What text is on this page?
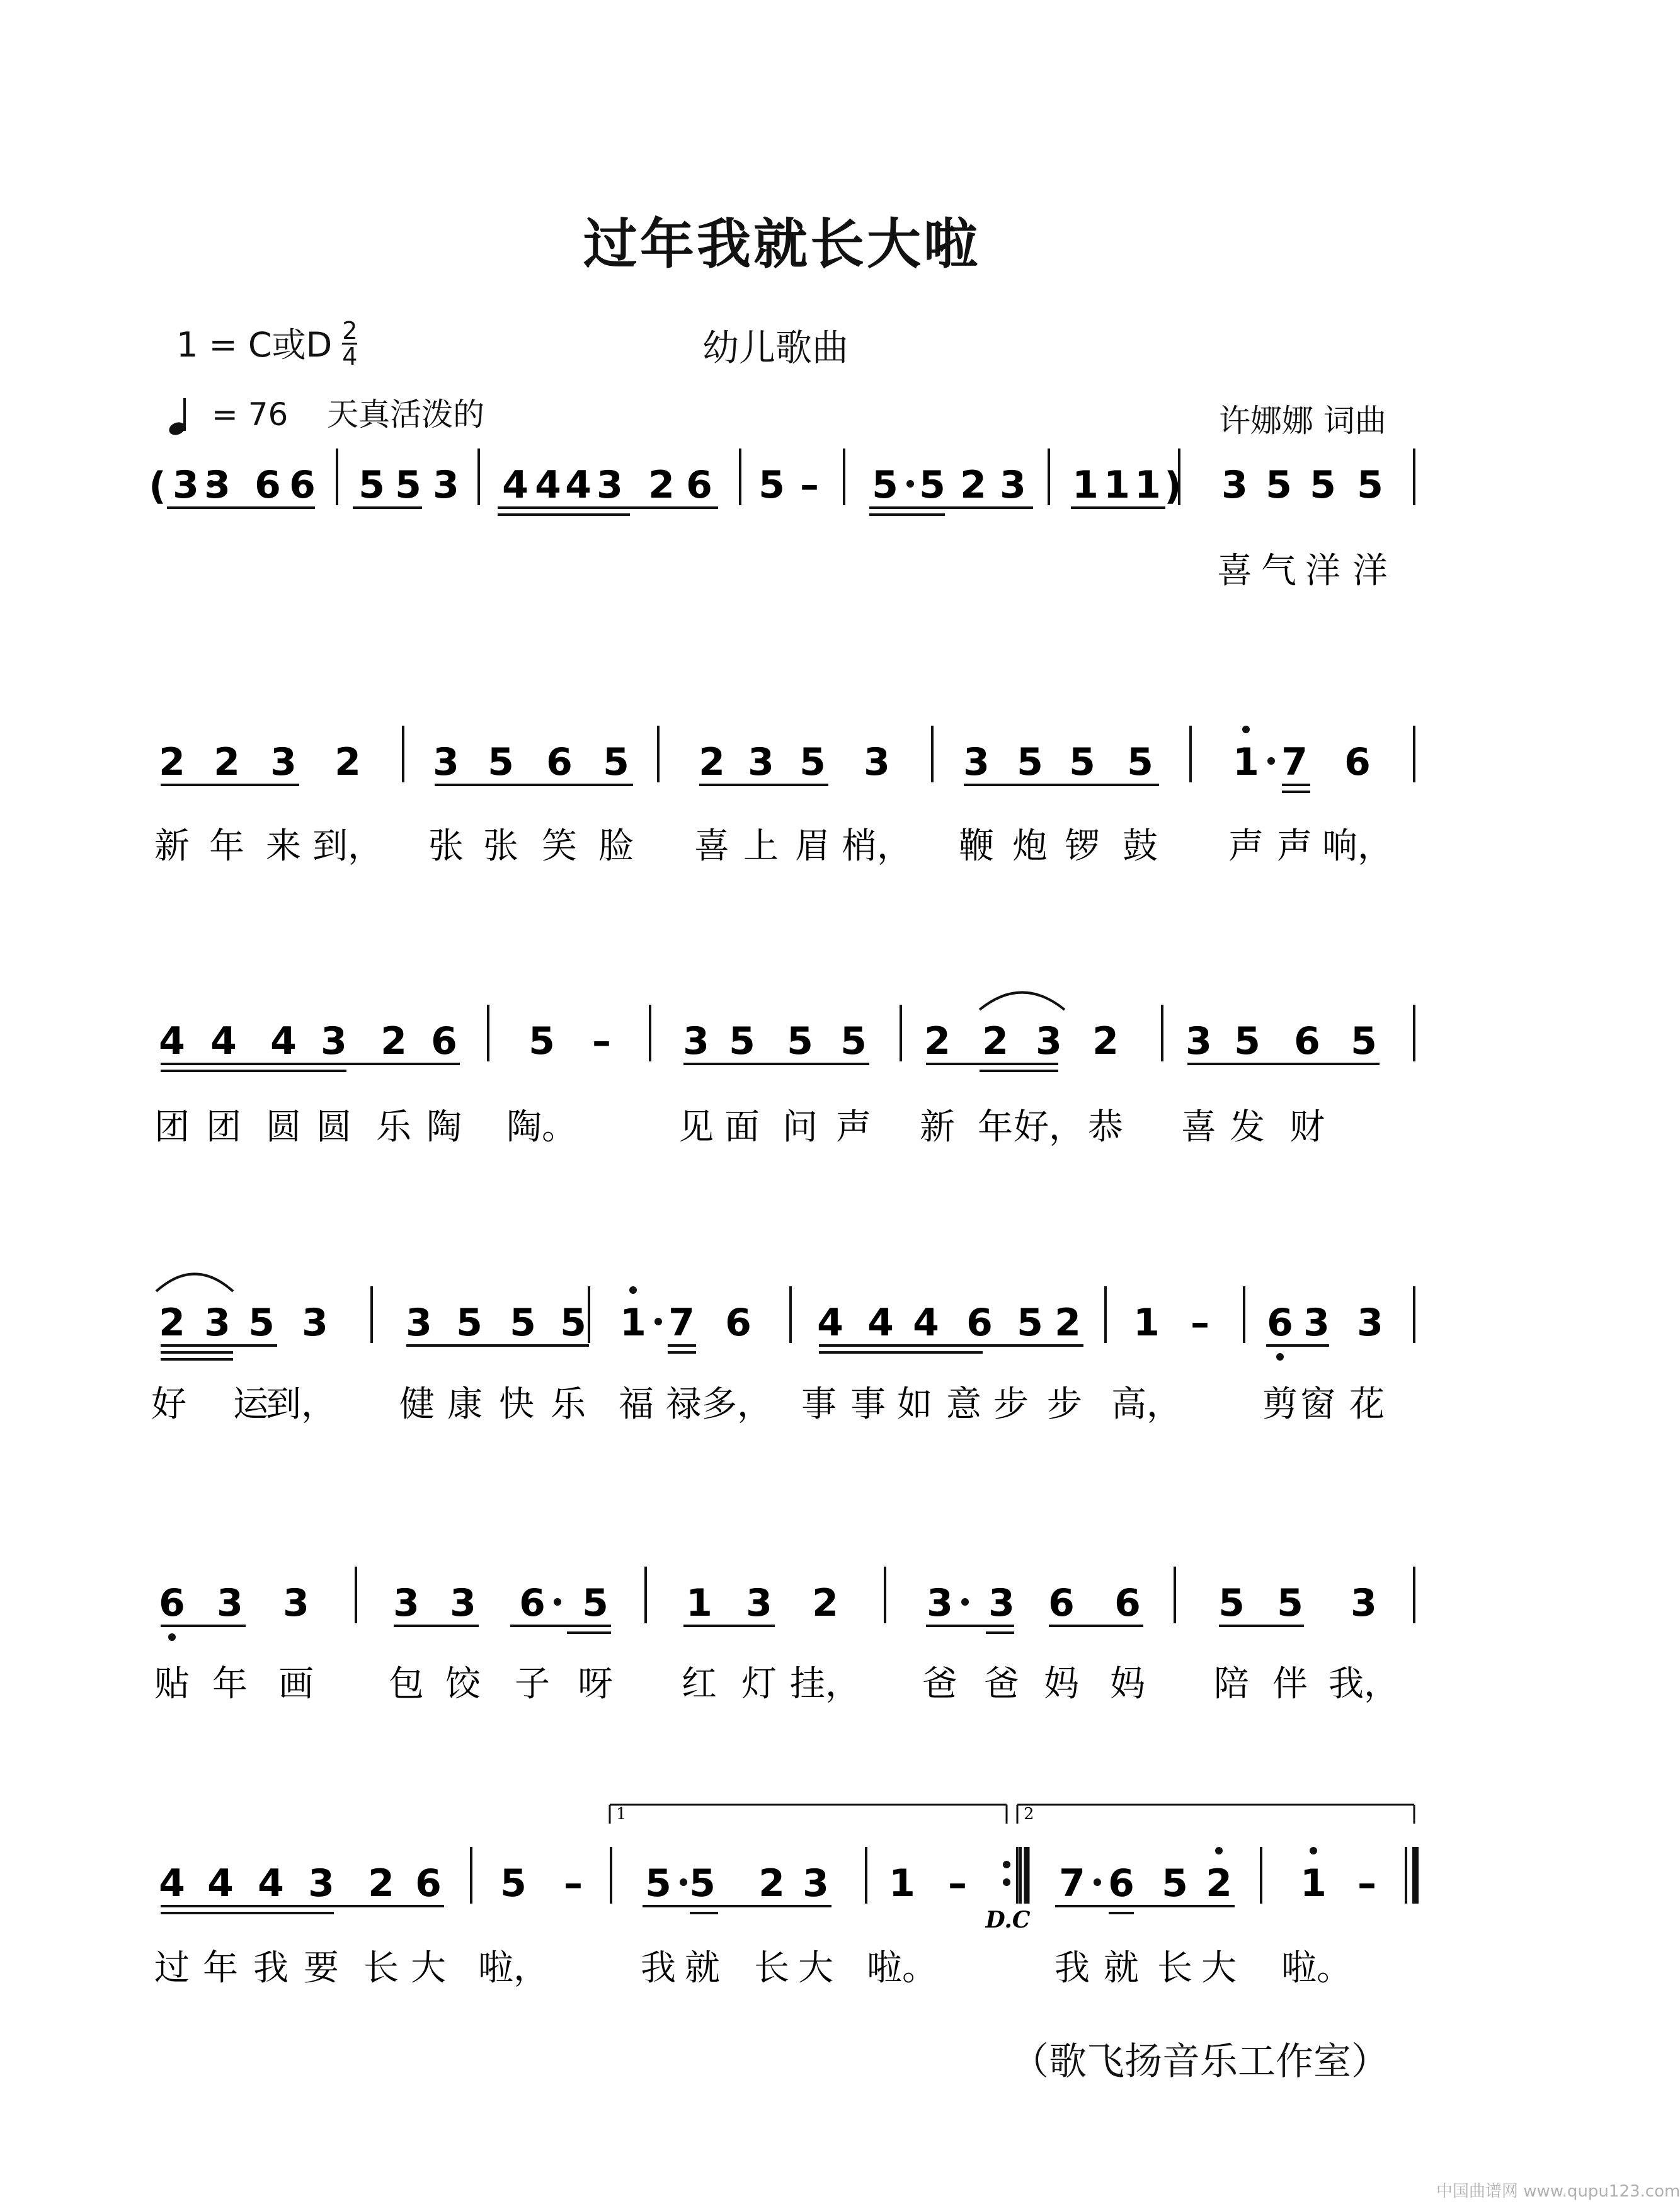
过年我就长大啦
1 = C或D $\frac{2}{4}$	幼儿歌曲
= 76 天真活泼的	许娜娜 词曲
3 3 6 6 5 5 3 4 4 4 3 2 6 5 – 5 5 2 3 1 1 1 3 5 5 5
喜 气 洋 洋
2 2 3 2 3 5 6 5 2 3 5 3 3 5 5 5 1 7 6
新 年 来 到， 张 张 笑 脸 喜 上 眉 梢， 鞭 炮 锣 鼓 声 声 响，
4 4 4 3 2 6 5 – 3 5 5 5 2 2 3 2 3 5 6 5
团 团 圆 圆 乐 陶 陶。	见 面 问 声 新 年 好， 恭 喜 发 财
2 3 5 3 3 5 5 5 1 7 6 4 4 4 6 5 2 1 – 6 3 3
好 运
到， 健 康 快 乐 福 禄 多， 事 事 如 意 步 步 高， 剪 窗 花
6 3 3 3 3 6 5 1 3 2 3 3 6 6 5 5 3
贴 年 画 包 饺 子 呀 红 灯 挂， 爸 爸 妈 妈 陪 伴 我，
4 4 4 3 2 6 5 – 5 5 2 3 1 – 7 6 5 2 1 –
过 年 我 要 长 大 啦，	我 就 长 大 啦。	我 就 长 大 啦。
(	)
1	2
D.C
（歌飞扬音乐工作室）
中国曲谱网 www.qupu123.com
